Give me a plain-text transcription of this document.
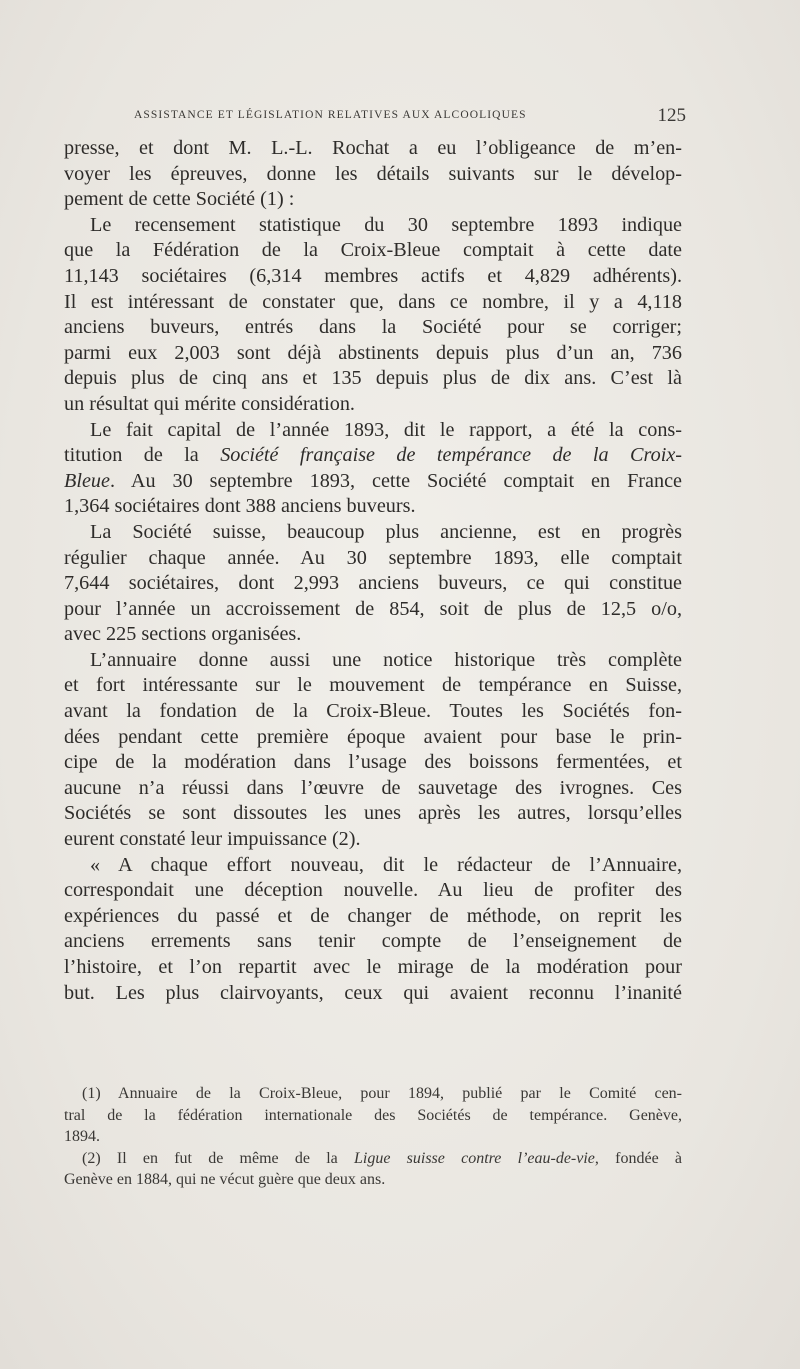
ASSISTANCE ET LÉGISLATION RELATIVES AUX ALCOOLIQUES	125
presse, et dont M. L.-L. Rochat a eu l’obligeance de m’en-
voyer les épreuves, donne les détails suivants sur le dévelop-
pement de cette Société (1) :
Le recensement statistique du 30 septembre 1893 indique
que la Fédération de la Croix-Bleue comptait à cette date
11,143 sociétaires (6,314 membres actifs et 4,829 adhérents).
Il est intéressant de constater que, dans ce nombre, il y a 4,118
anciens buveurs, entrés dans la Société pour se corriger;
parmi eux 2,003 sont déjà abstinents depuis plus d’un an, 736
depuis plus de cinq ans et 135 depuis plus de dix ans. C’est là
un résultat qui mérite considération.
Le fait capital de l’année 1893, dit le rapport, a été la cons-
titution de la Société française de tempérance de la Croix-
Bleue. Au 30 septembre 1893, cette Société comptait en France
1,364 sociétaires dont 388 anciens buveurs.
La Société suisse, beaucoup plus ancienne, est en progrès
régulier chaque année. Au 30 septembre 1893, elle comptait
7,644 sociétaires, dont 2,993 anciens buveurs, ce qui constitue
pour l’année un accroissement de 854, soit de plus de 12,5 o/o,
avec 225 sections organisées.
L’annuaire donne aussi une notice historique très complète
et fort intéressante sur le mouvement de tempérance en Suisse,
avant la fondation de la Croix-Bleue. Toutes les Sociétés fon-
dées pendant cette première époque avaient pour base le prin-
cipe de la modération dans l’usage des boissons fermentées, et
aucune n’a réussi dans l’œuvre de sauvetage des ivrognes. Ces
Sociétés se sont dissoutes les unes après les autres, lorsqu’elles
eurent constaté leur impuissance (2).
« A chaque effort nouveau, dit le rédacteur de l’Annuaire,
correspondait une déception nouvelle. Au lieu de profiter des
expériences du passé et de changer de méthode, on reprit les
anciens errements sans tenir compte de l’enseignement de
l’histoire, et l’on repartit avec le mirage de la modération pour
but. Les plus clairvoyants, ceux qui avaient reconnu l’inanité
(1) Annuaire de la Croix-Bleue, pour 1894, publié par le Comité cen-
tral de la fédération internationale des Sociétés de tempérance. Genève,
1894.
(2) Il en fut de même de la Ligue suisse contre l’eau-de-vie, fondée à
Genève en 1884, qui ne vécut guère que deux ans.
